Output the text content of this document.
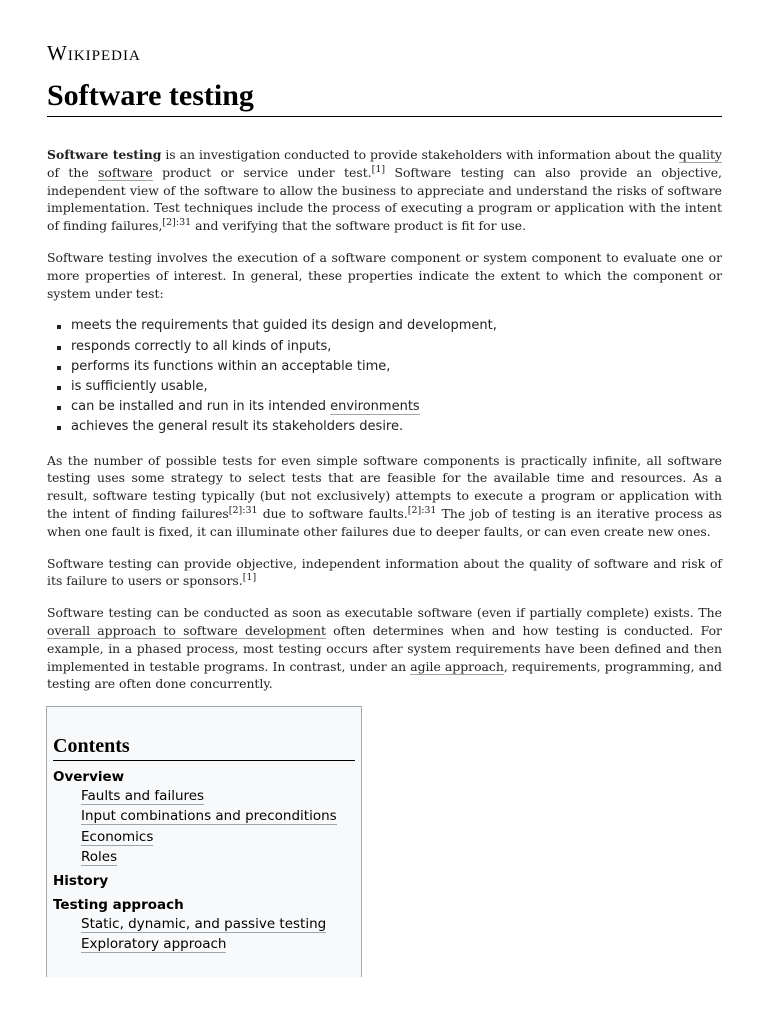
Wikipedia
Software testing

Software testing is an investigation conducted to provide stakeholders with information about the quality of the software product or service under test.[1] Software testing can also provide an objective, independent view of the software to allow the business to appreciate and understand the risks of software implementation. Test techniques include the process of executing a program or application with the intent of finding failures,$^{[2]:31}$ and verifying that the software product is fit for use.

Software testing involves the execution of a software component or system component to evaluate one or more properties of interest. In general, these properties indicate the extent to which the component or system under test:

meets the requirements that guided its design and development,
responds correctly to all kinds of inputs,
performs its functions within an acceptable time,
is sufficiently usable,
can be installed and run in its intended environments
achieves the general result its stakeholders desire.

As the number of possible tests for even simple software components is practically infinite, all software testing uses some strategy to select tests that are feasible for the available time and resources. As a result, software testing typically (but not exclusively) attempts to execute a program or application with the intent of finding failures$^{[2]:31}$ due to software faults.$^{[2]:31}$ The job of testing is an iterative process as when one fault is fixed, it can illuminate other failures due to deeper faults, or can even create new ones.

Software testing can provide objective, independent information about the quality of software and risk of its failure to users or sponsors.[1]

Software testing can be conducted as soon as executable software (even if partially complete) exists. The overall approach to software development often determines when and how testing is conducted. For example, in a phased process, most testing occurs after system requirements have been defined and then implemented in testable programs. In contrast, under an agile approach, requirements, programming, and testing are often done concurrently.

Contents
Overview
Faults and failures
Input combinations and preconditions
Economics
Roles
History
Testing approach
Static, dynamic, and passive testing
Exploratory approach
